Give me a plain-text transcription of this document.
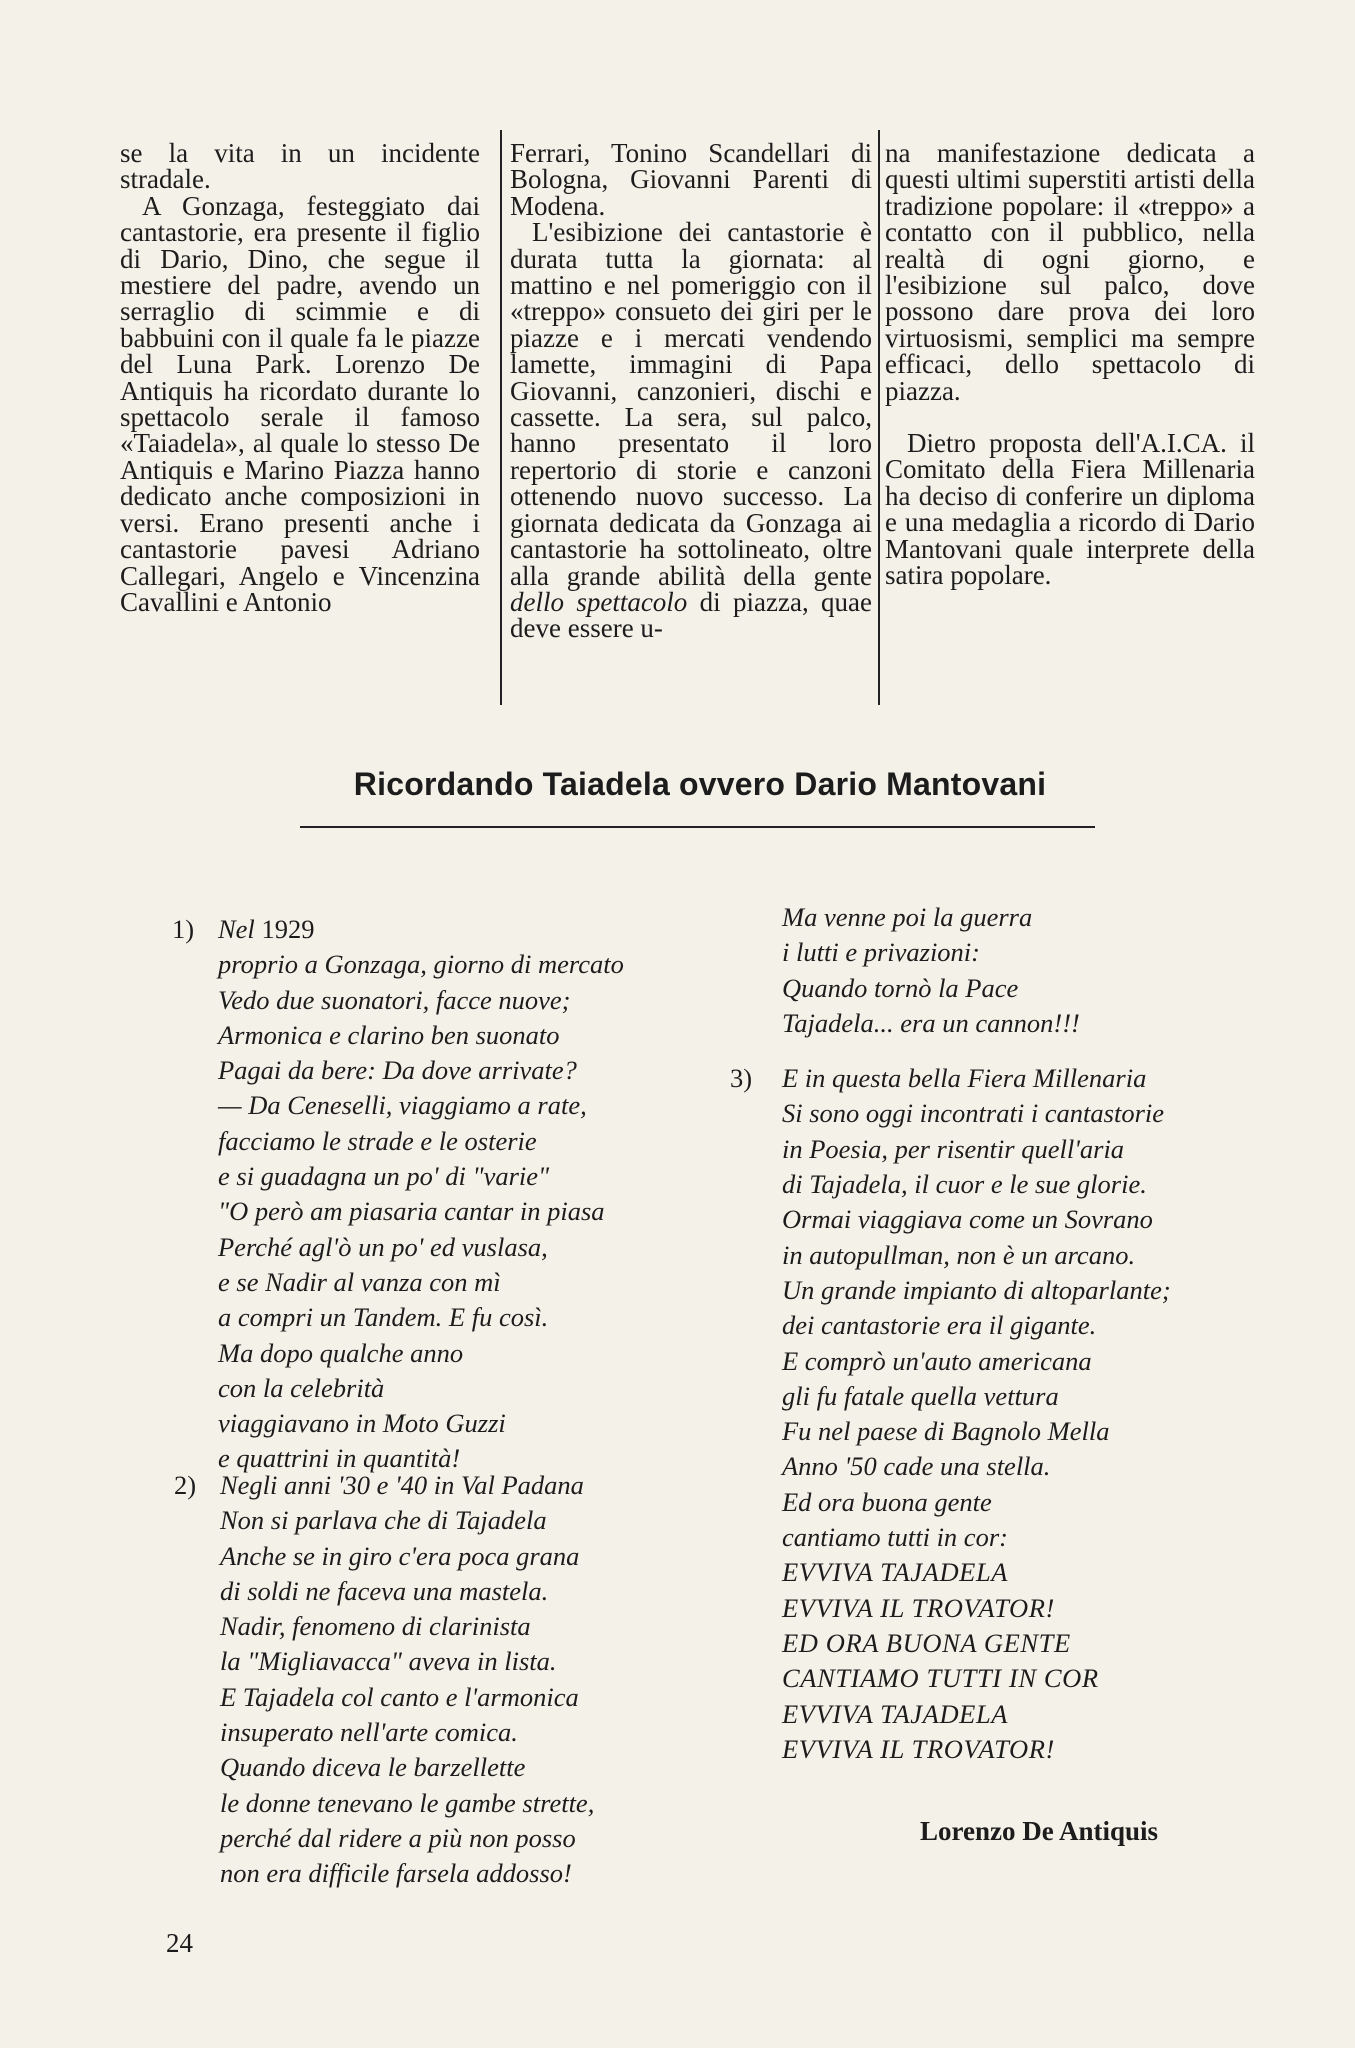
se la vita in un incidente stradale.

A Gonzaga, festeggiato dai cantastorie, era presente il figlio di Dario, Dino, che segue il mestiere del padre, avendo un serraglio di scimmie e di babbuini con il quale fa le piazze del Luna Park. Lorenzo De Antiquis ha ricordato durante lo spettacolo serale il famoso «Taiadela», al quale lo stesso De Antiquis e Marino Piazza hanno dedicato anche composizioni in versi. Erano presenti anche i cantastorie pavesi Adriano Callegari, Angelo e Vincenzina Cavallini e Antonio

Ferrari, Tonino Scandellari di Bologna, Giovanni Parenti di Modena.

L'esibizione dei cantastorie è durata tutta la giornata: al mattino e nel pomeriggio con il «treppo» consueto dei giri per le piazze e i mercati vendendo lamette, immagini di Papa Giovanni, canzonieri, dischi e cassette. La sera, sul palco, hanno presentato il loro repertorio di storie e canzoni ottenendo nuovo successo. La giornata dedicata da Gonzaga ai cantastorie ha sottolineato, oltre alla grande abilità della gente dello spettacolo di piazza, quae deve essere u-

na manifestazione dedicata a questi ultimi superstiti artisti della tradizione popolare: il «treppo» a contatto con il pubblico, nella realtà di ogni giorno, e l'esibizione sul palco, dove possono dare prova dei loro virtuosismi, semplici ma sempre efficaci, dello spettacolo di piazza.

Dietro proposta dell'A.I.CA. il Comitato della Fiera Millenaria ha deciso di conferire un diploma e una medaglia a ricordo di Dario Mantovani quale interprete della satira popolare.

Ricordando Taiadela ovvero Dario Mantovani
1) Nel 1929
proprio a Gonzaga, giorno di mercato
Vedo due suonatori, facce nuove;
Armonica e clarino ben suonato
Pagai da bere: Da dove arrivate?
— Da Ceneselli, viaggiamo a rate,
facciamo le strade e le osterie
e si guadagna un po' di "varie"
"O però am piasaria cantar in piasa
Perché agl'ò un po' ed vuslasa,
e se Nadir al vanza con mì
a compri un Tandem. E fu così.
Ma dopo qualche anno
con la celebrità
viaggiavano in Moto Guzzi
e quattrini in quantità!
2) Negli anni '30 e '40 in Val Padana
Non si parlava che di Tajadela
Anche se in giro c'era poca grana
di soldi ne faceva una mastela.
Nadir, fenomeno di clarinista
la "Migliavacca" aveva in lista.
E Tajadela col canto e l'armonica
insuperato nell'arte comica.
Quando diceva le barzellette
le donne tenevano le gambe strette,
perché dal ridere a più non posso
non era difficile farsela addosso!
Ma venne poi la guerra
i lutti e privazioni:
Quando tornò la Pace
Tajadela... era un cannon!!!
3) E in questa bella Fiera Millenaria
Si sono oggi incontrati i cantastorie
in Poesia, per risentir quell'aria
di Tajadela, il cuor e le sue glorie.
Ormai viaggiava come un Sovrano
in autopullman, non è un arcano.
Un grande impianto di altoparlante;
dei cantastorie era il gigante.
E comprò un'auto americana
gli fu fatale quella vettura
Fu nel paese di Bagnolo Mella
Anno '50 cade una stella.
Ed ora buona gente
cantiamo tutti in cor:
EVVIVA TAJADELA
EVVIVA IL TROVATOR!
ED ORA BUONA GENTE
CANTIAMO TUTTI IN COR
EVVIVA TAJADELA
EVVIVA IL TROVATOR!
Lorenzo De Antiquis
24
